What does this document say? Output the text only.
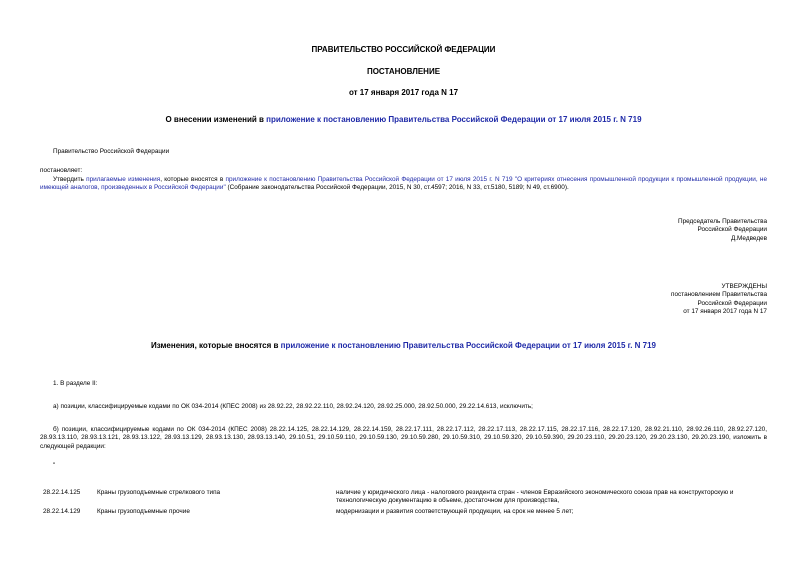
ПРАВИТЕЛЬСТВО РОССИЙСКОЙ ФЕДЕРАЦИИ
ПОСТАНОВЛЕНИЕ
от 17 января 2017 года N 17
О внесении изменений в приложение к постановлению Правительства Российской Федерации от 17 июля 2015 г. N 719
Правительство Российской Федерации
постановляет:
Утвердить прилагаемые изменения, которые вносятся в приложение к постановлению Правительства Российской Федерации от 17 июля 2015 г. N 719 "О критериях отнесения промышленной продукции к промышленной продукции, не имеющей аналогов, произведенных в Российской Федерации" (Собрание законодательства Российской Федерации, 2015, N 30, ст.4597; 2016, N 33, ст.5180, 5189; N 49, ст.6900).
Председатель Правительства
Российской Федерации
Д.Медведев
УТВЕРЖДЕНЫ
постановлением Правительства
Российской Федерации
от 17 января 2017 года N 17
Изменения, которые вносятся в приложение к постановлению Правительства Российской Федерации от 17 июля 2015 г. N 719
1. В разделе II:
а) позиции, классифицируемые кодами по ОК 034-2014 (КПЕС 2008) из 28.92.22, 28.92.22.110, 28.92.24.120, 28.92.25.000, 28.92.50.000, 29.22.14.613, исключить;
б) позиции, классифицируемые кодами по ОК 034-2014 (КПЕС 2008) 28.22.14.125, 28.22.14.129, 28.22.14.159, 28.22.17.111, 28.22.17.112, 28.22.17.113, 28.22.17.115, 28.22.17.116, 28.22.17.120, 28.92.21.110, 28.92.26.110, 28.92.27.120, 28.93.13.110, 28.93.13.121, 28.93.13.122, 28.93.13.129, 28.93.13.130, 28.93.13.140, 29.10.51, 29.10.59.110, 29.10.59.130, 29.10.59.280, 29.10.59.310, 29.10.59.320, 29.10.59.390, 29.20.23.110, 29.20.23.120, 29.20.23.130, 29.20.23.190, изложить в следующей редакции:
"
28.22.14.125	Краны грузоподъемные стрелкового типа	наличие у юридического лица - налогового резидента стран - членов Евразийского экономического союза прав на конструкторскую и
технологическую документацию в объеме, достаточном для производства,
28.22.14.129	Краны грузоподъемные прочие	модернизации и развития соответствующей продукции, на срок не менее 5 лет;
